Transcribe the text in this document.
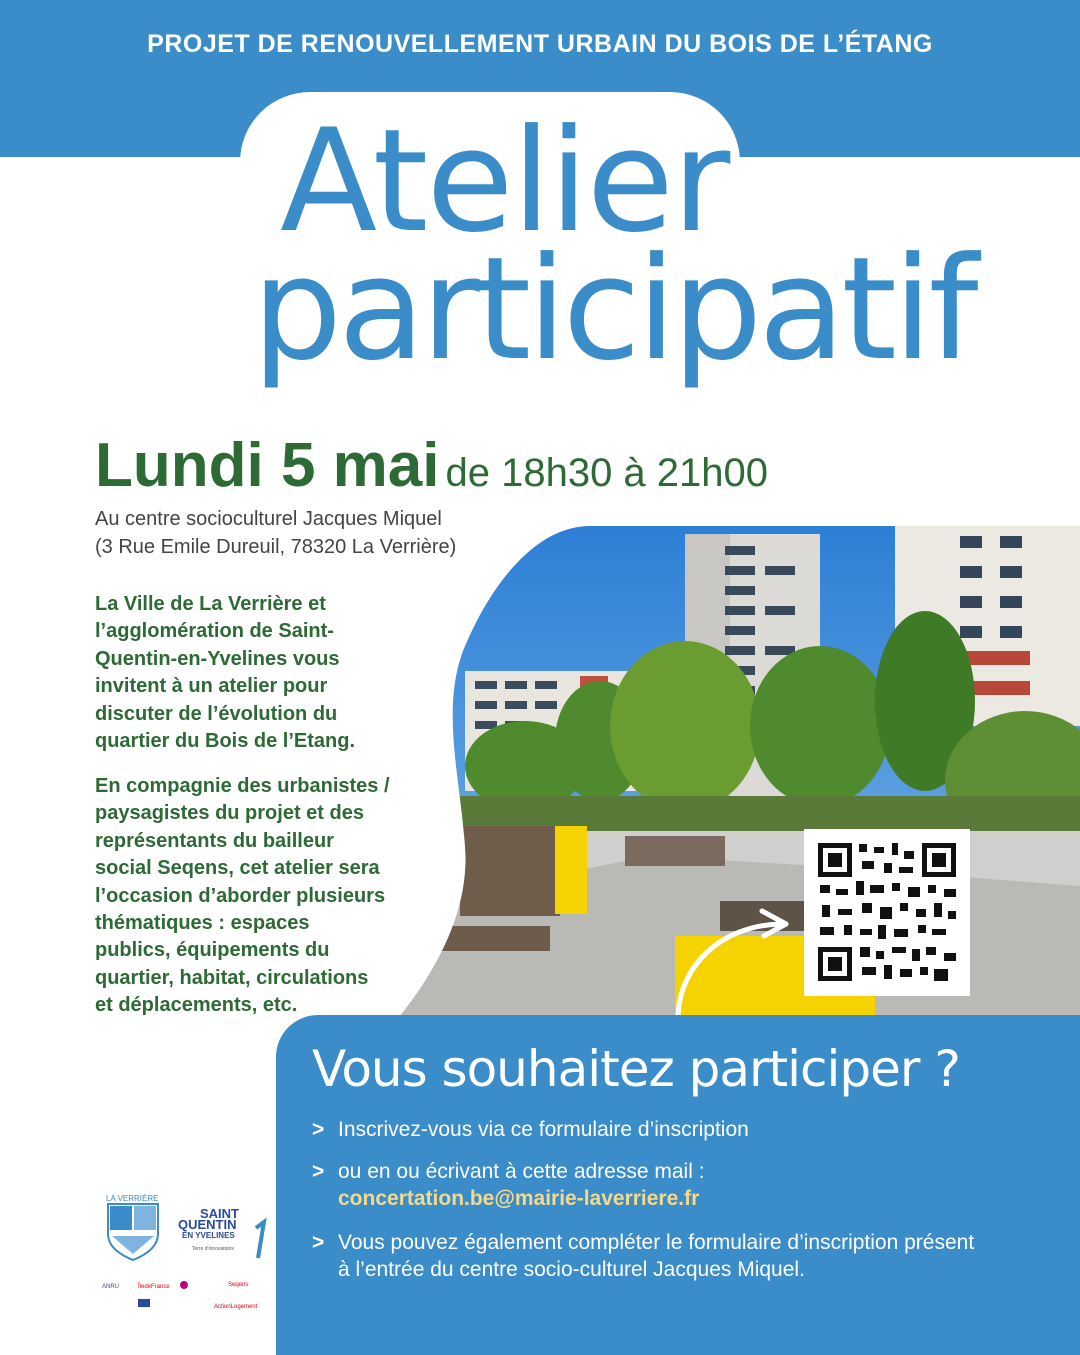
PROJET DE RENOUVELLEMENT URBAIN DU BOIS DE L’ÉTANG
Atelier
participatif
Lundi 5 mai de 18h30 à 21h00
Au centre socioculturel Jacques Miquel
(3 Rue Emile Dureuil, 78320 La Verrière)
La Ville de La Verrière et
l’agglomération de Saint-
Quentin-en-Yvelines vous
invitent à un atelier pour
discuter de l’évolution du
quartier du Bois de l’Etang.
En compagnie des urbanistes /
paysagistes du projet et des
représentants du bailleur
social Seqens, cet atelier sera
l’occasion d’aborder plusieurs
thématiques : espaces
publics, équipements du
quartier, habitat, circulations
et déplacements, etc.
Vous souhaitez participer ?
> Inscrivez-vous via ce formulaire d’inscription
> ou en ou écrivant à cette adresse mail :
concertation.be@mairie-laverriere.fr
> Vous pouvez également compléter le formulaire d’inscription présent à l’entrée du centre socio-culturel Jacques Miquel.
LA VERRIÈRE
SAINT
QUENTIN
EN YVELINES
Terre d'innovations
ANRU	ÎledeFrance	Seqens
ActionLogement
